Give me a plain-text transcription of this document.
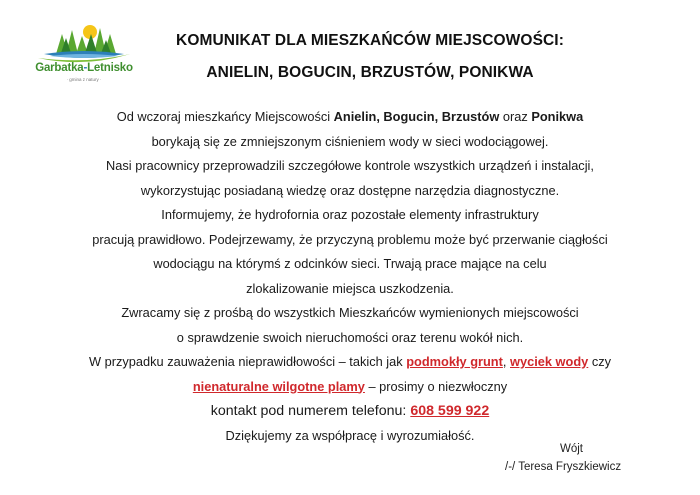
Garbatka-Letnisko
· gmina z natury ·
KOMUNIKAT DLA MIESZKAŃCÓW MIEJSCOWOŚCI:
ANIELIN, BOGUCIN, BRZUSTÓW, PONIKWA
Od wczoraj mieszkańcy Miejscowości Anielin, Bogucin, Brzustów oraz Ponikwa
borykają się ze zmniejszonym ciśnieniem wody w sieci wodociągowej.
Nasi pracownicy przeprowadzili szczegółowe kontrole wszystkich urządzeń i instalacji,
wykorzystując posiadaną wiedzę oraz dostępne narzędzia diagnostyczne.
Informujemy, że hydrofornia oraz pozostałe elementy infrastruktury
pracują prawidłowo. Podejrzewamy, że przyczyną problemu może być przerwanie ciągłości
wodociągu na którymś z odcinków sieci. Trwają prace mające na celu
zlokalizowanie miejsca uszkodzenia.
Zwracamy się z prośbą do wszystkich Mieszkańców wymienionych miejscowości
o sprawdzenie swoich nieruchomości oraz terenu wokół nich.
W przypadku zauważenia nieprawidłowości – takich jak podmokły grunt, wyciek wody czy
nienaturalne wilgotne plamy – prosimy o niezwłoczny
kontakt pod numerem telefonu: 608 599 922
Dziękujemy za współpracę i wyrozumiałość.
Wójt
/-/ Teresa Fryszkiewicz
